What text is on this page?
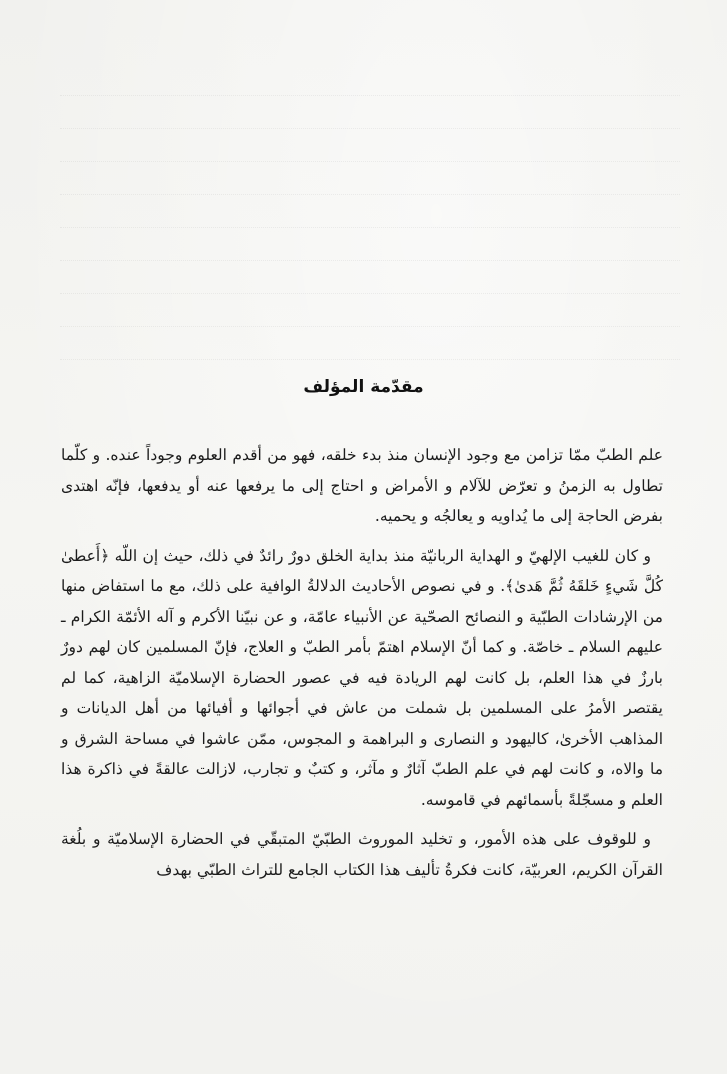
مقدّمة المؤلف

علم الطبّ ممّا تزامن مع وجود الإنسان منذ بدء خلقه، فهو من أقدم العلوم وجوداً عنده. و كلّما تطاول به الزمنُ و تعرّض للآلام و الأمراض و احتاج إلى ما يرفعها عنه أو يدفعها، فإنّه اهتدى بفرض الحاجة إلى ما يُداويه و يعالجُه و يحميه.

و كان للغيب الإلهيّ و الهداية الربانيّة منذ بداية الخلق دورٌ رائدٌ في ذلك، حيث إن اللّه ﴿أَعطىٰ كُلَّ شَيءٍ خَلقَهُ ثُمَّ هَدىٰ﴾. و في نصوص الأحاديث الدلالةُ الوافية على ذلك، مع ما استفاض منها من الإرشادات الطبّية و النصائح الصحّية عن الأنبياء عامّة، و عن نبيّنا الأكرم و آله الأئمّة الكرام ـ عليهم السلام ـ خاصّة. و كما أنّ الإسلام اهتمّ بأمر الطبّ و العلاج، فإنّ المسلمين كان لهم دورٌ بارزٌ في هذا العلم، بل كانت لهم الريادة فيه في عصور الحضارة الإسلاميّة الزاهية، كما لم يقتصر الأمرُ على المسلمين بل شملت من عاش في أجوائها و أفيائها من أهل الديانات و المذاهب الأخرىٰ، كاليهود و النصارى و البراهمة و المجوس، ممّن عاشوا في مساحة الشرق و ما والاه، و كانت لهم في علم الطبّ آثارٌ و مآثر، و كتبٌ و تجارب، لازالت عالقةً في ذاكرة هذا العلم و مسجّلةً بأسمائهم في قاموسه.

و للوقوف على هذه الأمور، و تخليد الموروث الطبّيّ المتبقّي في الحضارة الإسلاميّة و بلُغة القرآن الكريم، العربيّة، كانت فكرةُ تأليف هذا الكتاب الجامع للتراث الطبّي بهدف
